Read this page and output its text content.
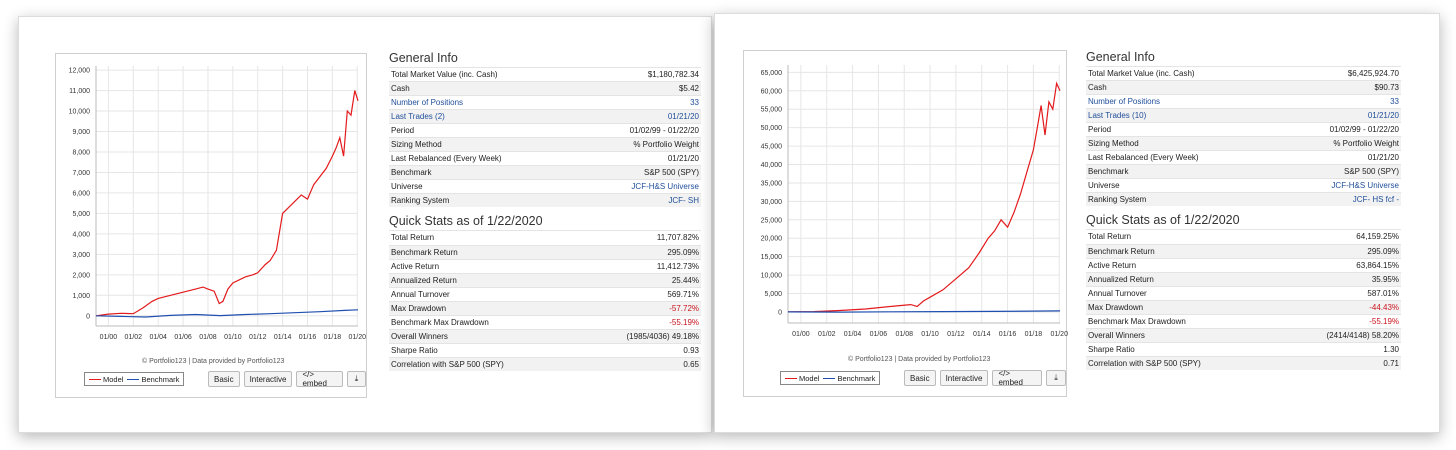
0
1,000
2,000
3,000
4,000
5,000
6,000
7,000
8,000
9,000
10,000
11,000
12,000
01/00 01/02 01/04 01/06 01/08 01/10 01/12 01/14 01/16 01/18 01/20
© Portfolio123 | Data provided by Portfolio123
Model	Benchmark	Basic	Interactive	</> embed
⤓
General Info
Total Market Value (inc. Cash)	$1,180,782.34
Cash	$5.42
Number of Positions	33
Last Trades (2)	01/21/20
Period	01/02/99 - 01/22/20
Sizing Method	% Portfolio Weight
Last Rebalanced (Every Week)	01/21/20
Benchmark	S&P 500 (SPY)
Universe	JCF-H&S Universe
Ranking System	JCF- SH
Quick Stats as of 1/22/2020
Total Return	11,707.82%
Benchmark Return	295.09%
Active Return	11,412.73%
Annualized Return	25.44%
Annual Turnover	569.71%
Max Drawdown	-57.72%
Benchmark Max Drawdown	-55.19%
Overall Winners	(1985/4036) 49.18%
Sharpe Ratio	0.93
Correlation with S&P 500 (SPY)	0.65
0
5,000
10,000
15,000
20,000
25,000
30,000
35,000
40,000
45,000
50,000
55,000
60,000
65,000
01/00 01/02 01/04 01/06 01/08 01/10 01/12 01/14 01/16 01/18 01/20
© Portfolio123 | Data provided by Portfolio123
Model	Benchmark	Basic	Interactive	</> embed
⤓
General Info
Total Market Value (inc. Cash)	$6,425,924.70
Cash	$90.73
Number of Positions	33
Last Trades (10)	01/21/20
Period	01/02/99 - 01/22/20
Sizing Method	% Portfolio Weight
Last Rebalanced (Every Week)	01/21/20
Benchmark	S&P 500 (SPY)
Universe	JCF-H&S Universe
Ranking System	JCF- HS fcf -
Quick Stats as of 1/22/2020
Total Return	64,159.25%
Benchmark Return	295.09%
Active Return	63,864.15%
Annualized Return	35.95%
Annual Turnover	587.01%
Max Drawdown	-44.43%
Benchmark Max Drawdown	-55.19%
Overall Winners	(2414/4148) 58.20%
Sharpe Ratio	1.30
Correlation with S&P 500 (SPY)	0.71
